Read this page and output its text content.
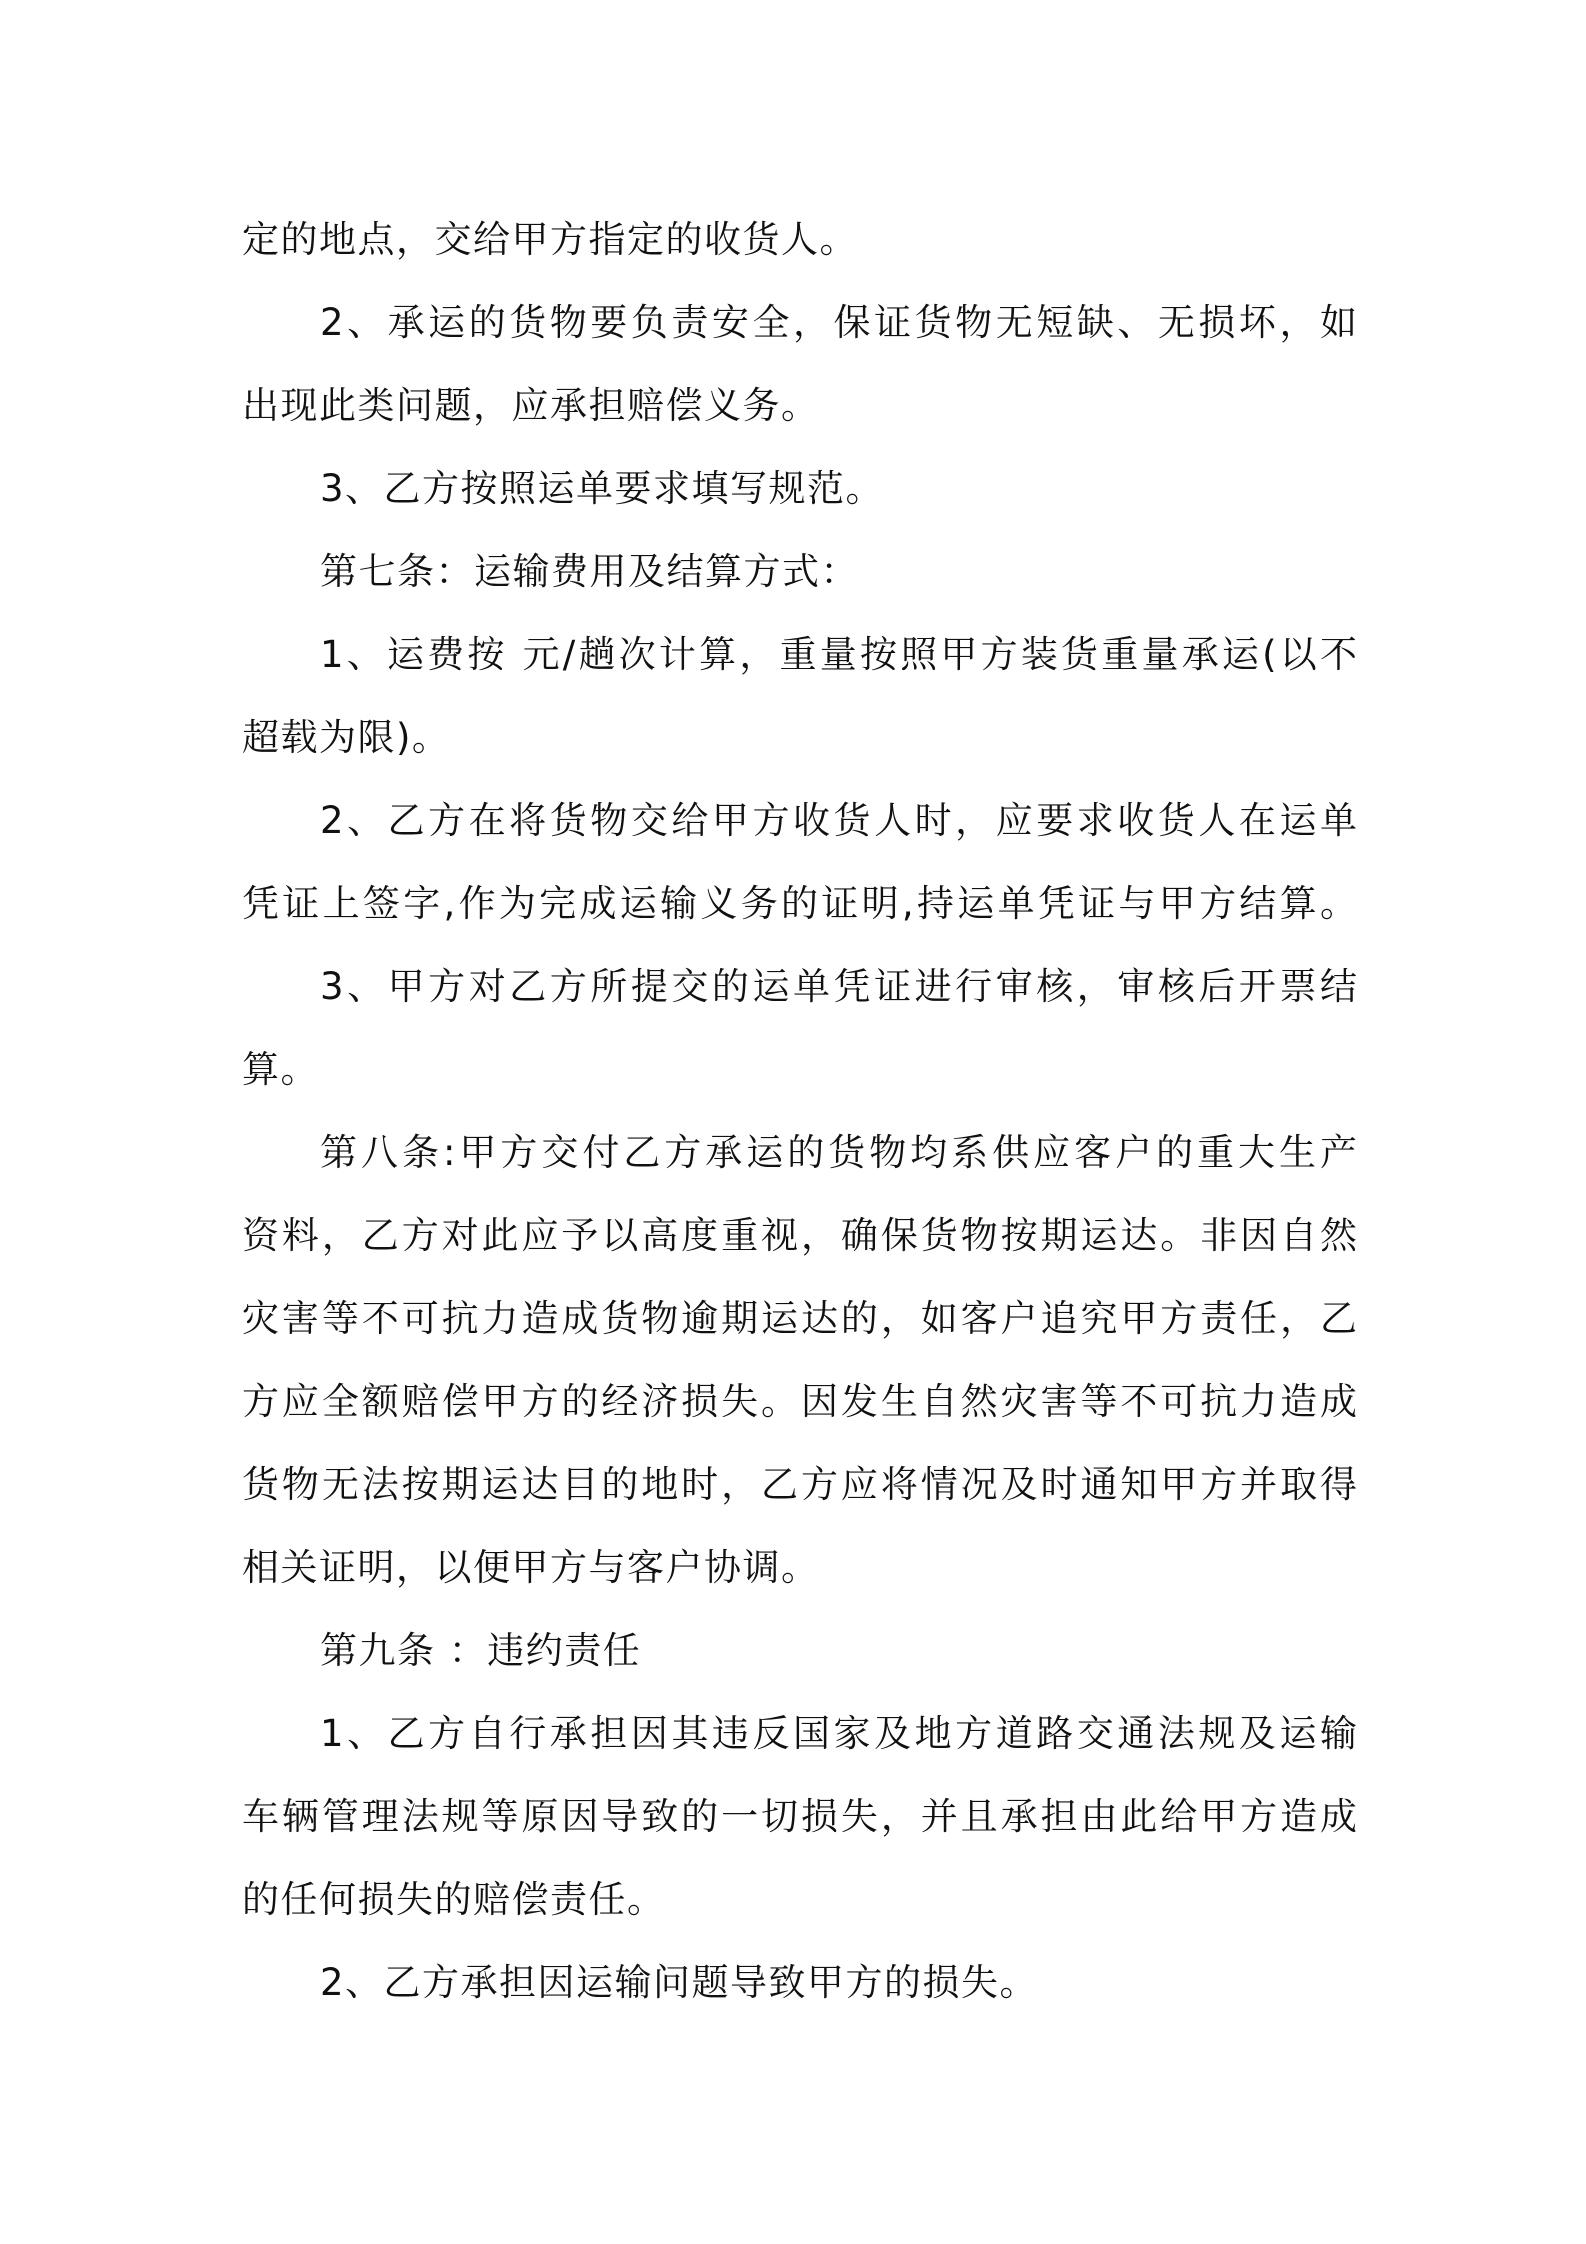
定的地点，交给甲方指定的收货人。
2、承运的货物要负责安全，保证货物无短缺、无损坏，如
出现此类问题，应承担赔偿义务。
3、乙方按照运单要求填写规范。
第七条：运输费用及结算方式：
1、运费按 元/趟次计算，重量按照甲方装货重量承运(以不
超载为限)。
2、乙方在将货物交给甲方收货人时，应要求收货人在运单
凭证上签字,作为完成运输义务的证明,持运单凭证与甲方结算。
3、甲方对乙方所提交的运单凭证进行审核，审核后开票结
算。
第八条:甲方交付乙方承运的货物均系供应客户的重大生产
资料，乙方对此应予以高度重视，确保货物按期运达。非因自然
灾害等不可抗力造成货物逾期运达的，如客户追究甲方责任，乙
方应全额赔偿甲方的经济损失。因发生自然灾害等不可抗力造成
货物无法按期运达目的地时，乙方应将情况及时通知甲方并取得
相关证明，以便甲方与客户协调。
第九条 ：违约责任
1、乙方自行承担因其违反国家及地方道路交通法规及运输
车辆管理法规等原因导致的一切损失，并且承担由此给甲方造成
的任何损失的赔偿责任。
2、乙方承担因运输问题导致甲方的损失。
